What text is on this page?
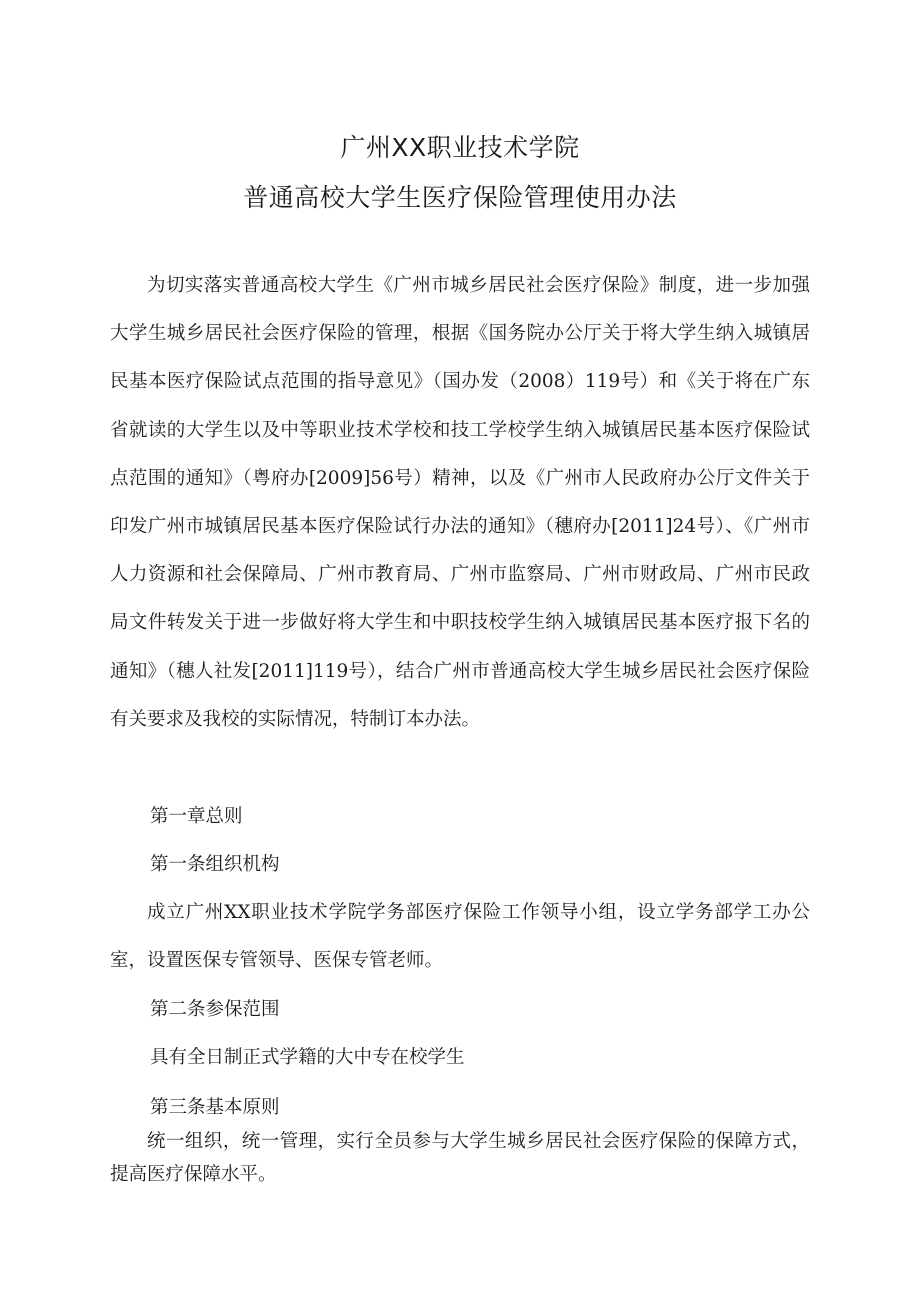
广州XX职业技术学院
普通高校大学生医疗保险管理使用办法

为切实落实普通高校大学生《广州市城乡居民社会医疗保险》制度，进一步加强大学生城乡居民社会医疗保险的管理，根据《国务院办公厅关于将大学生纳入城镇居民基本医疗保险试点范围的指导意见》（国办发（2008）119号）和《关于将在广东省就读的大学生以及中等职业技术学校和技工学校学生纳入城镇居民基本医疗保险试点范围的通知》（粤府办[2009]56号）精神，以及《广州市人民政府办公厅文件关于印发广州市城镇居民基本医疗保险试行办法的通知》（穗府办[2011]24号）、《广州市人力资源和社会保障局、广州市教育局、广州市监察局、广州市财政局、广州市民政局文件转发关于进一步做好将大学生和中职技校学生纳入城镇居民基本医疗报下名的通知》（穗人社发[2011]119号），结合广州市普通高校大学生城乡居民社会医疗保险有关要求及我校的实际情况，特制订本办法。

第一章总则

第一条组织机构

成立广州XX职业技术学院学务部医疗保险工作领导小组，设立学务部学工办公室，设置医保专管领导、医保专管老师。

第二条参保范围

具有全日制正式学籍的大中专在校学生

第三条基本原则

统一组织，统一管理，实行全员参与大学生城乡居民社会医疗保险的保障方式，提高医疗保障水平。
